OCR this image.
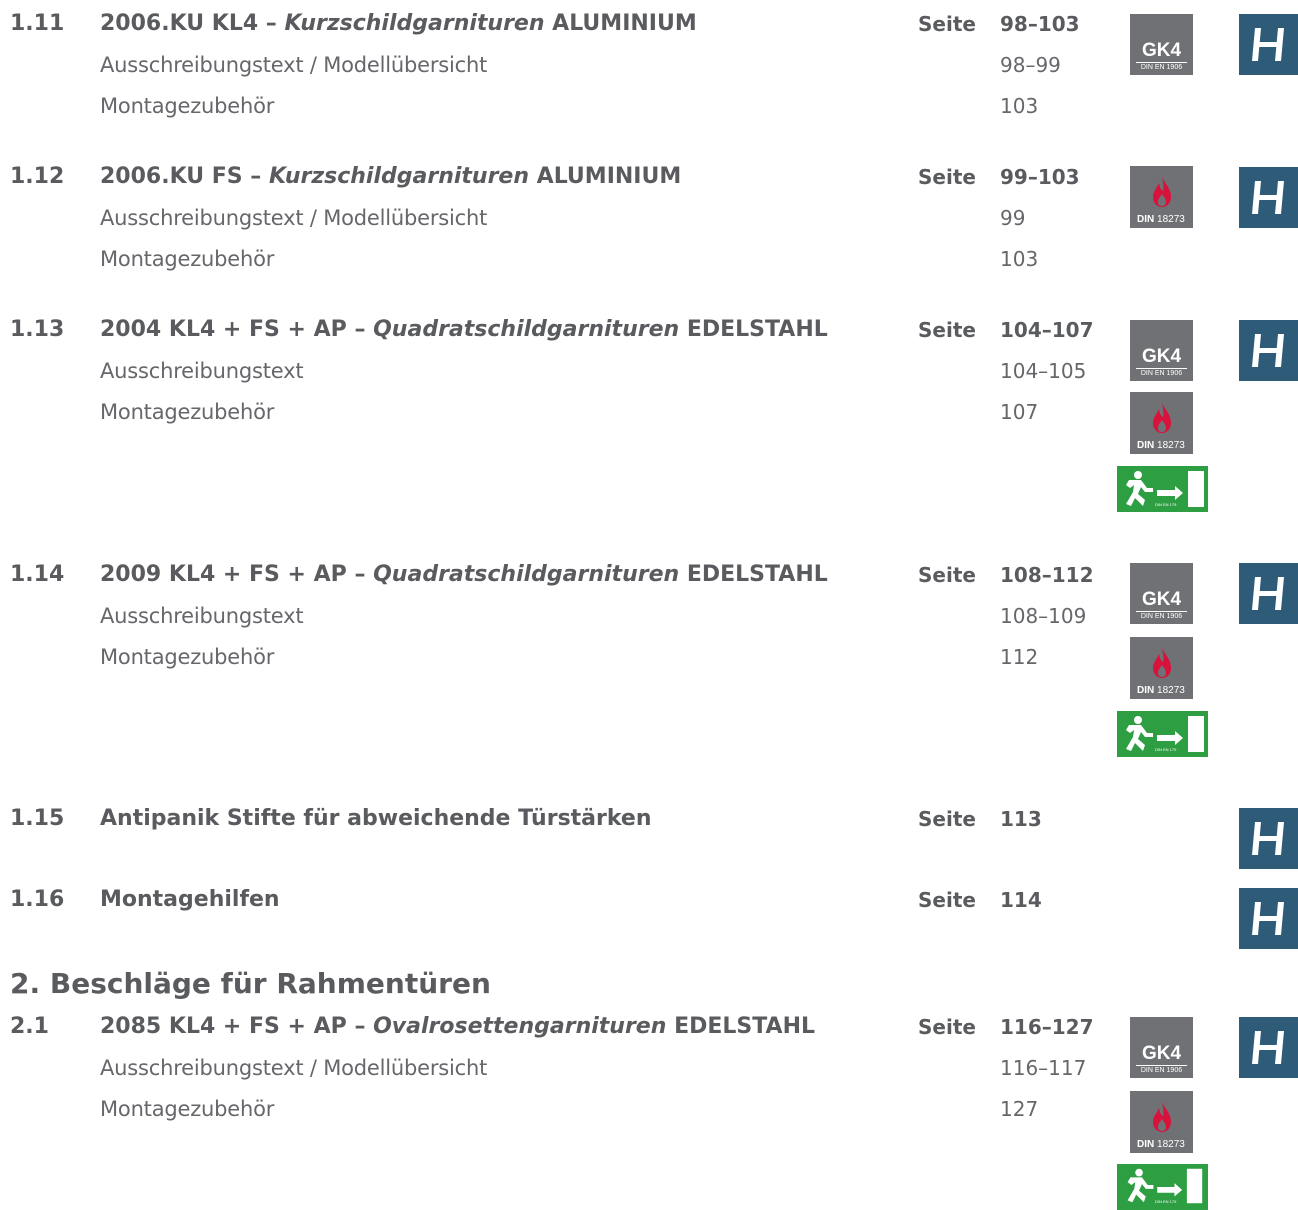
1.11 2006.KU KL4 – Kurzschildgarnituren ALUMINIUM	Seite 98–103
Ausschreibungstext / Modellübersicht	98–99
Montagezubehör	103
1.12 2006.KU FS – Kurzschildgarnituren ALUMINIUM	Seite 99–103
Ausschreibungstext / Modellübersicht	99
Montagezubehör	103
1.13 2004 KL4 + FS + AP – Quadratschildgarnituren EDELSTAHL	Seite 104–107
Ausschreibungstext	104–105
Montagezubehör	107
1.14 2009 KL4 + FS + AP – Quadratschildgarnituren EDELSTAHL	Seite 108–112
Ausschreibungstext	108–109
Montagezubehör	112
1.15 Antipanik Stifte für abweichende Türstärken	Seite 113
1.16 Montagehilfen	Seite 114
2. Beschläge für Rahmentüren
2.1 2085 KL4 + FS + AP – Ovalrosettengarnituren EDELSTAHL	Seite 116–127
Ausschreibungstext / Modellübersicht	116–117
Montagezubehör	127
GK4
DIN EN 1906
GK4
DIN EN 1906
GK4
DIN EN 1906
GK4
DIN EN 1906
DIN 18273
DIN 18273
DIN 18273
DIN 18273
DIN EN 179
DIN EN 179
DIN EN 179
